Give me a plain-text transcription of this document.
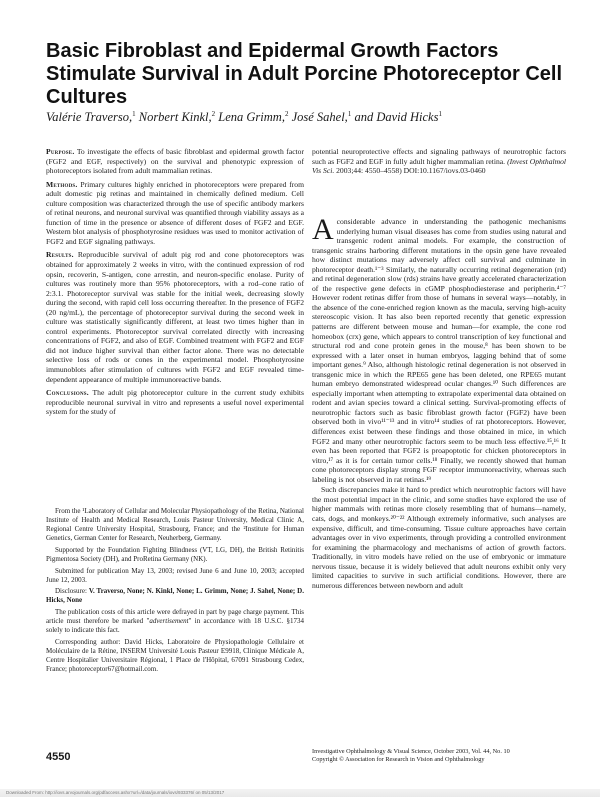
Basic Fibroblast and Epidermal Growth Factors Stimulate Survival in Adult Porcine Photoreceptor Cell Cultures

Valérie Traverso,$^1$ Norbert Kinkl,$^2$ Lena Grimm,$^2$ José Sahel,$^1$ and David Hicks$^1$

Purpose. To investigate the effects of basic fibroblast and epidermal growth factor (FGF2 and EGF, respectively) on the survival and phenotypic expression of photoreceptors isolated from adult mammalian retinas.

Methods. Primary cultures highly enriched in photoreceptors were prepared from adult domestic pig retinas and maintained in chemically defined medium. Cell culture composition was characterized through the use of specific antibody markers of retinal neurons, and neuronal survival was quantified through viability assays as a function of time in the presence or absence of different doses of FGF2 and EGF. Western blot analysis of phosphotyrosine residues was used to monitor activation of FGF2 and EGF signaling pathways.

Results. Reproducible survival of adult pig rod and cone photoreceptors was obtained for approximately 2 weeks in vitro, with the continued expression of rod opsin, recoverin, S-antigen, cone arrestin, and neuron-specific enolase. Purity of cultures was routinely more than 95% photoreceptors, with a rod–cone ratio of 2:3.1. Photoreceptor survival was stable for the initial week, decreasing slowly during the second, with rapid cell loss occurring thereafter. In the presence of FGF2 (20 ng/mL), the percentage of photoreceptor survival during the second week in culture was statistically significantly different, at least two times higher than in control experiments. Photoreceptor survival correlated directly with increasing concentrations of FGF2, and also of EGF. Combined treatment with FGF2 and EGF did not induce higher survival than either factor alone. There was no detectable selective loss of rods or cones in the experimental model. Phosphotyrosine immunoblots after stimulation of cultures with FGF2 and EGF revealed time-dependent appearance of multiple immunoreactive bands.

Conclusions. The adult pig photoreceptor culture in the current study exhibits reproducible neuronal survival in vitro and represents a useful novel experimental system for the study of

From the ¹Laboratory of Cellular and Molecular Physiopathology of the Retina, National Institute of Health and Medical Research, Louis Pasteur University, Medical Clinic A, Regional Centre University Hospital, Strasbourg, France; and the ²Institute for Human Genetics, German Center for Research, Neuherberg, Germany.

Supported by the Foundation Fighting Blindness (VT, LG, DH), the British Retinitis Pigmentosa Society (DH), and ProRetina Germany (NK).

Submitted for publication May 13, 2003; revised June 6 and June 10, 2003; accepted June 12, 2003.

Disclosure: V. Traverso, None; N. Kinkl, None; L. Grimm, None; J. Sahel, None; D. Hicks, None

The publication costs of this article were defrayed in part by page charge payment. This article must therefore be marked "advertisement" in accordance with 18 U.S.C. §1734 solely to indicate this fact.

Corresponding author: David Hicks, Laboratoire de Physiopathologie Cellulaire et Moléculaire de la Rétine, INSERM Université Louis Pasteur E9918, Clinique Médicale A, Centre Hospitalier Universitaire Régional, 1 Place de l'Hôpital, 67091 Strasbourg Cedex, France; photoreceptor67@hotmail.com.

potential neuroprotective effects and signaling pathways of neurotrophic factors such as FGF2 and EGF in fully adult higher mammalian retina. (Invest Ophthalmol Vis Sci. 2003;44: 4550–4558) DOI:10.1167/iovs.03-0460

Aconsiderable advance in understanding the pathogenic mechanisms underlying human visual diseases has come from studies using natural and transgenic rodent animal models. For example, the construction of transgenic strains harboring different mutations in the opsin gene have revealed how distinct mutations may adversely affect cell survival and culminate in photoreceptor death.¹⁻³ Similarly, the naturally occurring retinal degeneration (rd) and retinal degeneration slow (rds) strains have greatly accelerated characterization of the respective gene defects in cGMP phosphodiesterase and peripherin.⁴⁻⁷ However rodent retinas differ from those of humans in several ways—notably, in the absence of the cone-enriched region known as the macula, serving high-acuity stereoscopic vision. It has also been reported recently that genetic expression patterns are different between mouse and human—for example, the cone rod homeobox (crx) gene, which appears to control transcription of key functional and structural rod and cone protein genes in the mouse,⁸ has been shown to be expressed with a later onset in human embryos, lagging behind that of some important genes.⁹ Also, although histologic retinal degeneration is not observed in transgenic mice in which the RPE65 gene has been deleted, one RPE65 mutant human embryo demonstrated widespread ocular changes.¹⁰ Such differences are especially important when attempting to extrapolate experimental data obtained on rodent and avian species toward a clinical setting. Survival-promoting effects of neurotrophic factors such as basic fibroblast growth factor (FGF2) have been observed both in vivo¹¹⁻¹³ and in vitro¹⁴ studies of rat photoreceptors. However, differences exist between these findings and those obtained in mice, in which FGF2 and many other neurotrophic factors seem to be much less effective.¹⁵,¹⁶ It even has been reported that FGF2 is proapoptotic for chicken photoreceptors in vitro,¹⁷ as it is for certain tumor cells.¹⁸ Finally, we recently showed that human cone photoreceptors display strong FGF receptor immunoreactivity, whereas such labeling is not observed in rat retinas.¹⁹

Such discrepancies make it hard to predict which neurotrophic factors will have the most potential impact in the clinic, and some studies have explored the use of higher mammals with retinas more closely resembling that of humans—namely, cats, dogs, and monkeys.²⁰⁻²² Although extremely informative, such analyses are expensive, difficult, and time-consuming. Tissue culture approaches have certain advantages over in vivo experiments, through providing a controlled environment for examining the pharmacology and mechanisms of action of growth factors. Traditionally, in vitro models have relied on the use of embryonic or immature nervous tissue, because it is widely believed that adult neurons exhibit only very limited capacities to survive in such artificial conditions. However, there are numerous differences between newborn and adult

4550	Investigative Ophthalmology & Visual Science, October 2003, Vol. 44, No. 10
Copyright © Association for Research in Vision and Ophthalmology
Downloaded From: http://iovs.arvojournals.org/pdfaccess.ashx?url=/data/journals/iovs/933376/ on 05/13/2017
